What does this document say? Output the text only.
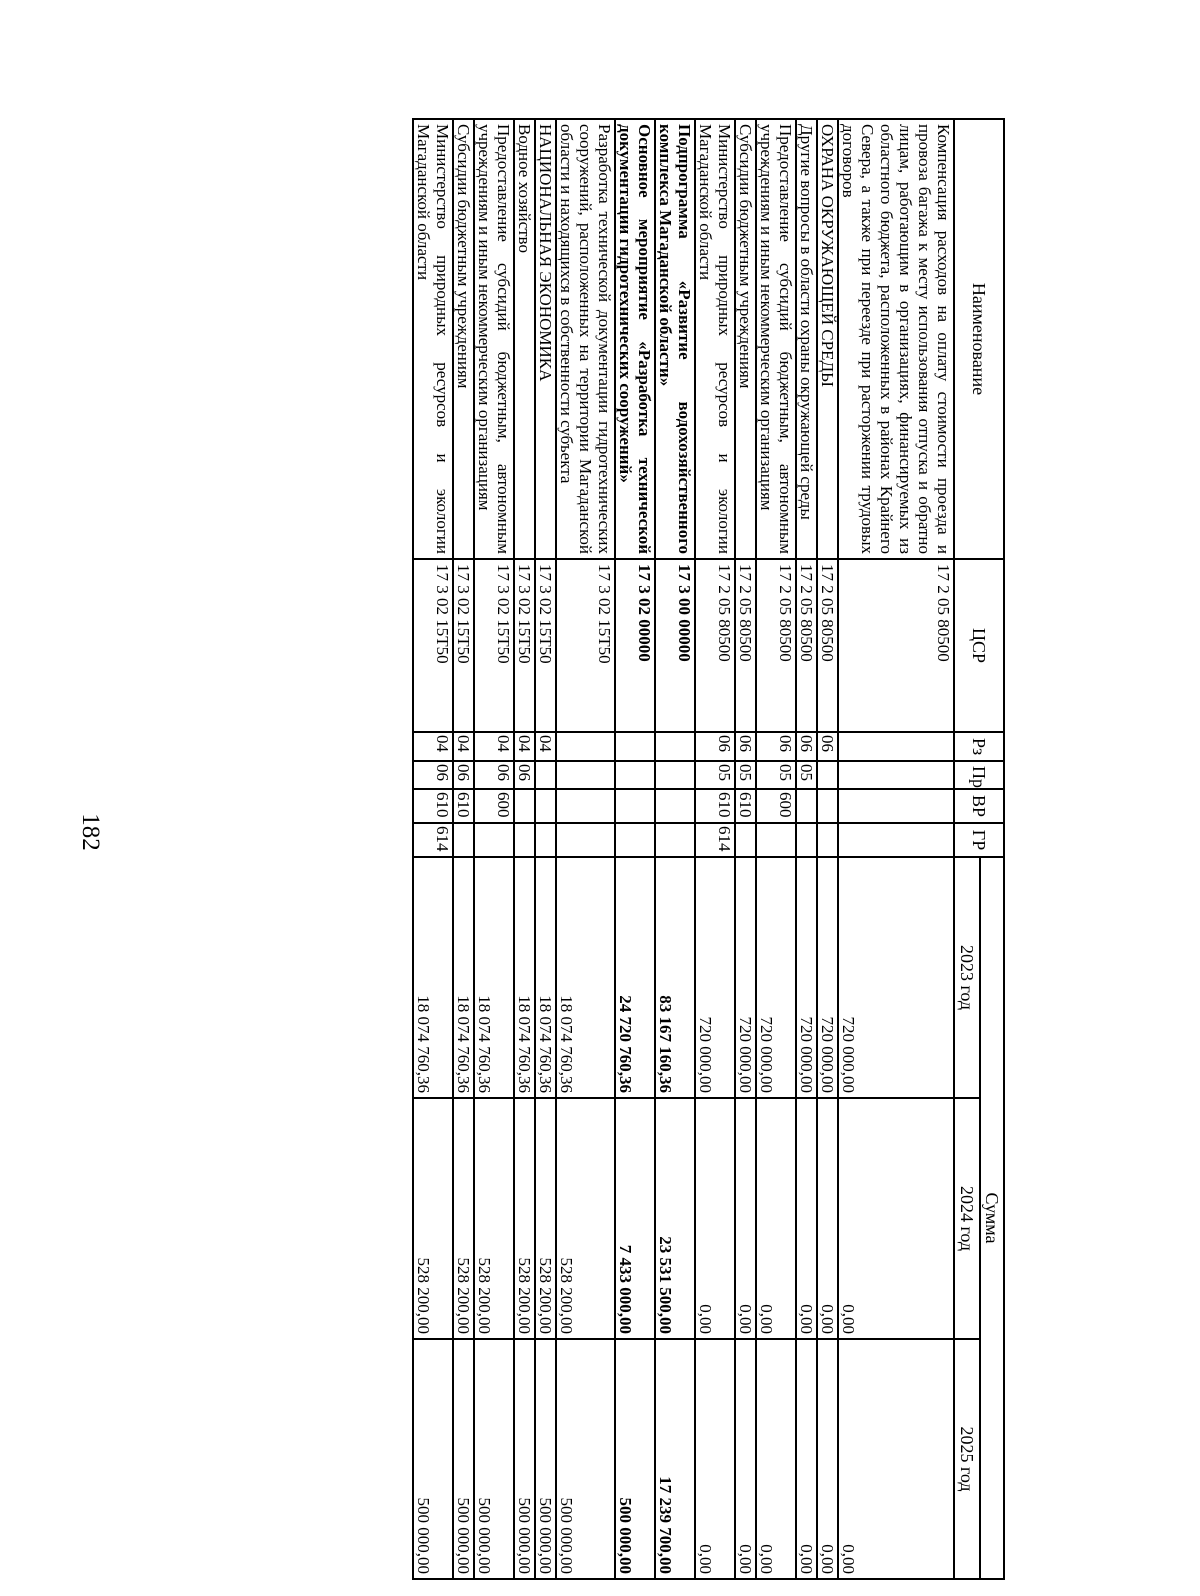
182
Наименование	ЦСР	Рз	Пр	ВР	ГР	Сумма		
						2023 год	2024 год	2025 год
Компенсация расходов на оплату стоимости проезда и провоза багажа к месту использования отпуска и обратно лицам, работающим в организациях, финансируемых из областного бюджета, расположенных в районах Крайнего Севера, а также при переезде при расторжении трудовых договоров	17 2 05 80500					720 000,00	0,00	0,00
ОХРАНА ОКРУЖАЮЩЕЙ СРЕДЫ	17 2 05 80500	06				720 000,00	0,00	0,00
Другие вопросы в области охраны окружающей среды	17 2 05 80500	06	05			720 000,00	0,00	0,00
Предоставление субсидий бюджетным, автономным учреждениям и иным некоммерческим организациям	17 2 05 80500	06	05	600		720 000,00	0,00	0,00
Субсидии бюджетным учреждениям	17 2 05 80500	06	05	610		720 000,00	0,00	0,00
Министерство природных ресурсов и экологии Магаданской области	17 2 05 80500	06	05	610	614	720 000,00	0,00	0,00
Подпрограмма «Развитие водохозяйственного комплекса Магаданской области»	17 3 00 00000					83 167 160,36	23 531 500,00	17 239 700,00
Основное мероприятие «Разработка технической документации гидротехнических сооружений»	17 3 02 00000					24 720 760,36	7 433 000,00	500 000,00
Разработка технической документации гидротехнических сооружений, расположенных на территории Магаданской области и находящихся в собственности субъекта	17 3 02 15Т50					18 074 760,36	528 200,00	500 000,00
НАЦИОНАЛЬНАЯ ЭКОНОМИКА	17 3 02 15Т50	04				18 074 760,36	528 200,00	500 000,00
Водное хозяйство	17 3 02 15Т50	04	06			18 074 760,36	528 200,00	500 000,00
Предоставление субсидий бюджетным, автономным учреждениям и иным некоммерческим организациям	17 3 02 15Т50	04	06	600		18 074 760,36	528 200,00	500 000,00
Субсидии бюджетным учреждениям	17 3 02 15Т50	04	06	610		18 074 760,36	528 200,00	500 000,00
Министерство природных ресурсов и экологии Магаданской области	17 3 02 15Т50	04	06	610	614	18 074 760,36	528 200,00	500 000,00
